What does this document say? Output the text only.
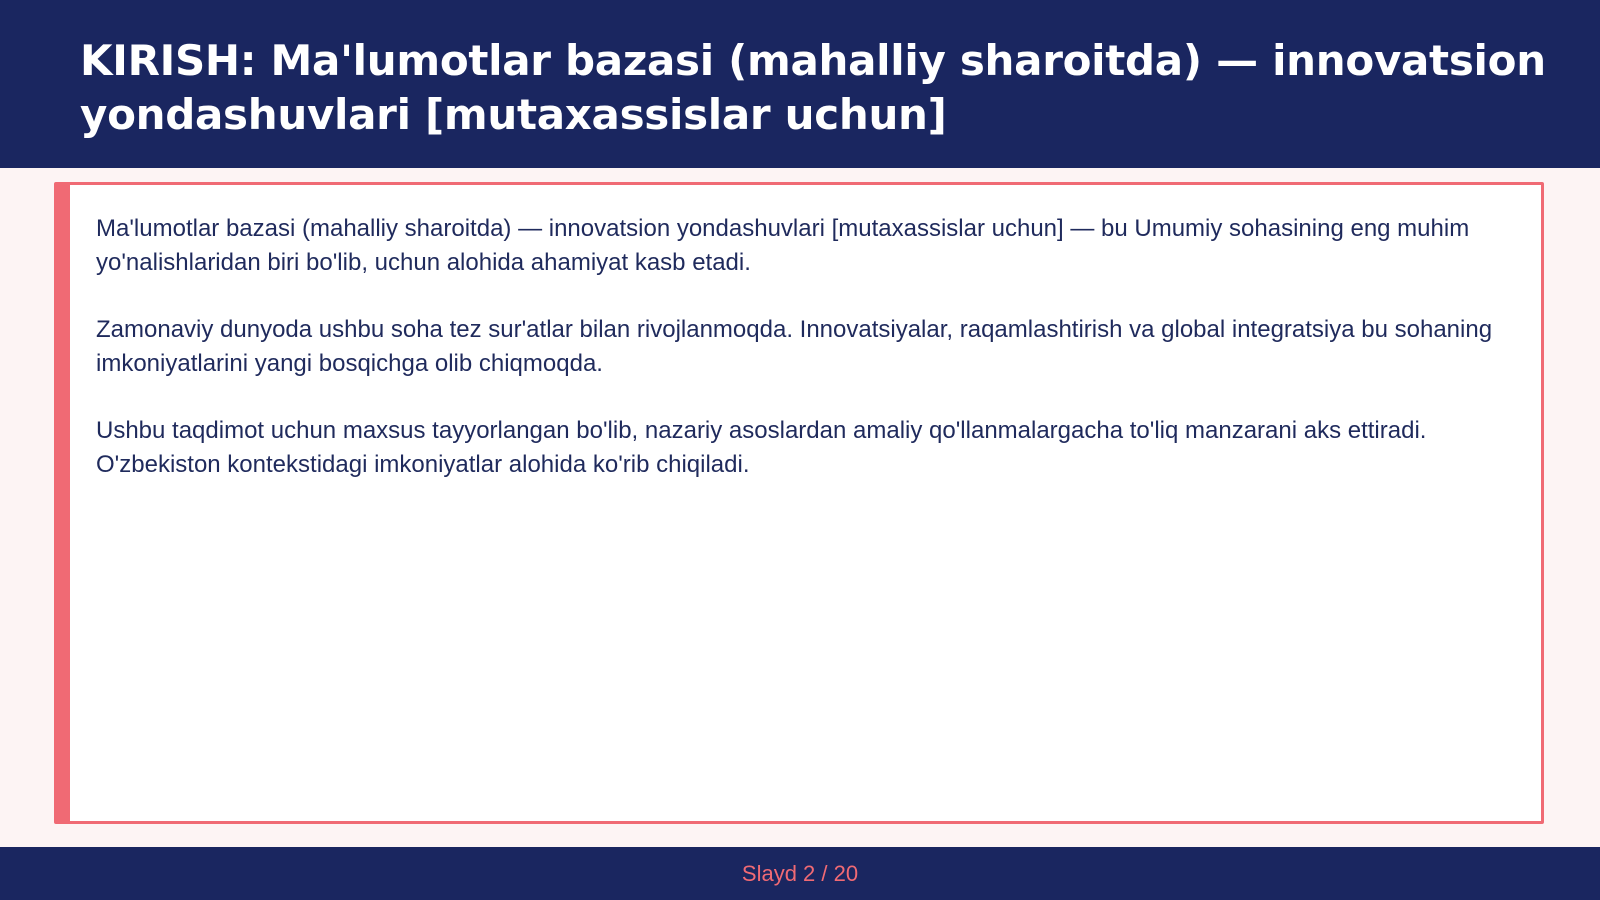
KIRISH: Ma'lumotlar bazasi (mahalliy sharoitda) — innovatsion yondashuvlari [mutaxassislar uchun]

Ma'lumotlar bazasi (mahalliy sharoitda) — innovatsion yondashuvlari [mutaxassislar uchun] — bu Umumiy sohasining eng muhim yo'nalishlaridan biri bo'lib, uchun alohida ahamiyat kasb etadi.

Zamonaviy dunyoda ushbu soha tez sur'atlar bilan rivojlanmoqda. Innovatsiyalar, raqamlashtirish va global integratsiya bu sohaning imkoniyatlarini yangi bosqichga olib chiqmoqda.

Ushbu taqdimot uchun maxsus tayyorlangan bo'lib, nazariy asoslardan amaliy qo'llanmalargacha to'liq manzarani aks ettiradi. O'zbekiston kontekstidagi imkoniyatlar alohida ko'rib chiqiladi.

Slayd 2 / 20
